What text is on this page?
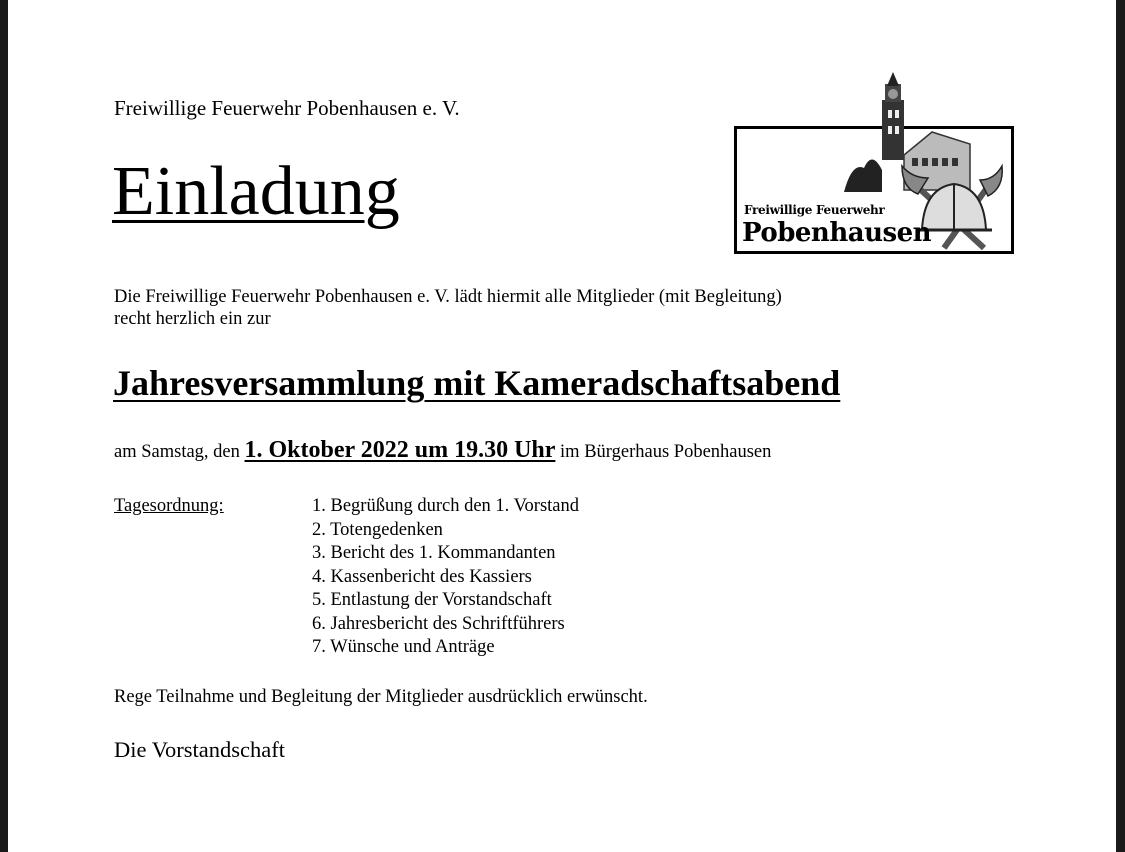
Freiwillige Feuerwehr Pobenhausen e. V.
Einladung	Freiwillige Feuerwehr
Pobenhausen
Die Freiwillige Feuerwehr Pobenhausen e. V. lädt hiermit alle Mitglieder (mit Begleitung)
recht herzlich ein zur
Jahresversammlung mit Kameradschaftsabend
am Samstag, den 1. Oktober 2022 um 19.30 Uhr im Bürgerhaus Pobenhausen
Tagesordnung:	1. Begrüßung durch den 1. Vorstand
2. Totengedenken
3. Bericht des 1. Kommandanten
4. Kassenbericht des Kassiers
5. Entlastung der Vorstandschaft
6. Jahresbericht des Schriftführers
7. Wünsche und Anträge
Rege Teilnahme und Begleitung der Mitglieder ausdrücklich erwünscht.
Die Vorstandschaft
